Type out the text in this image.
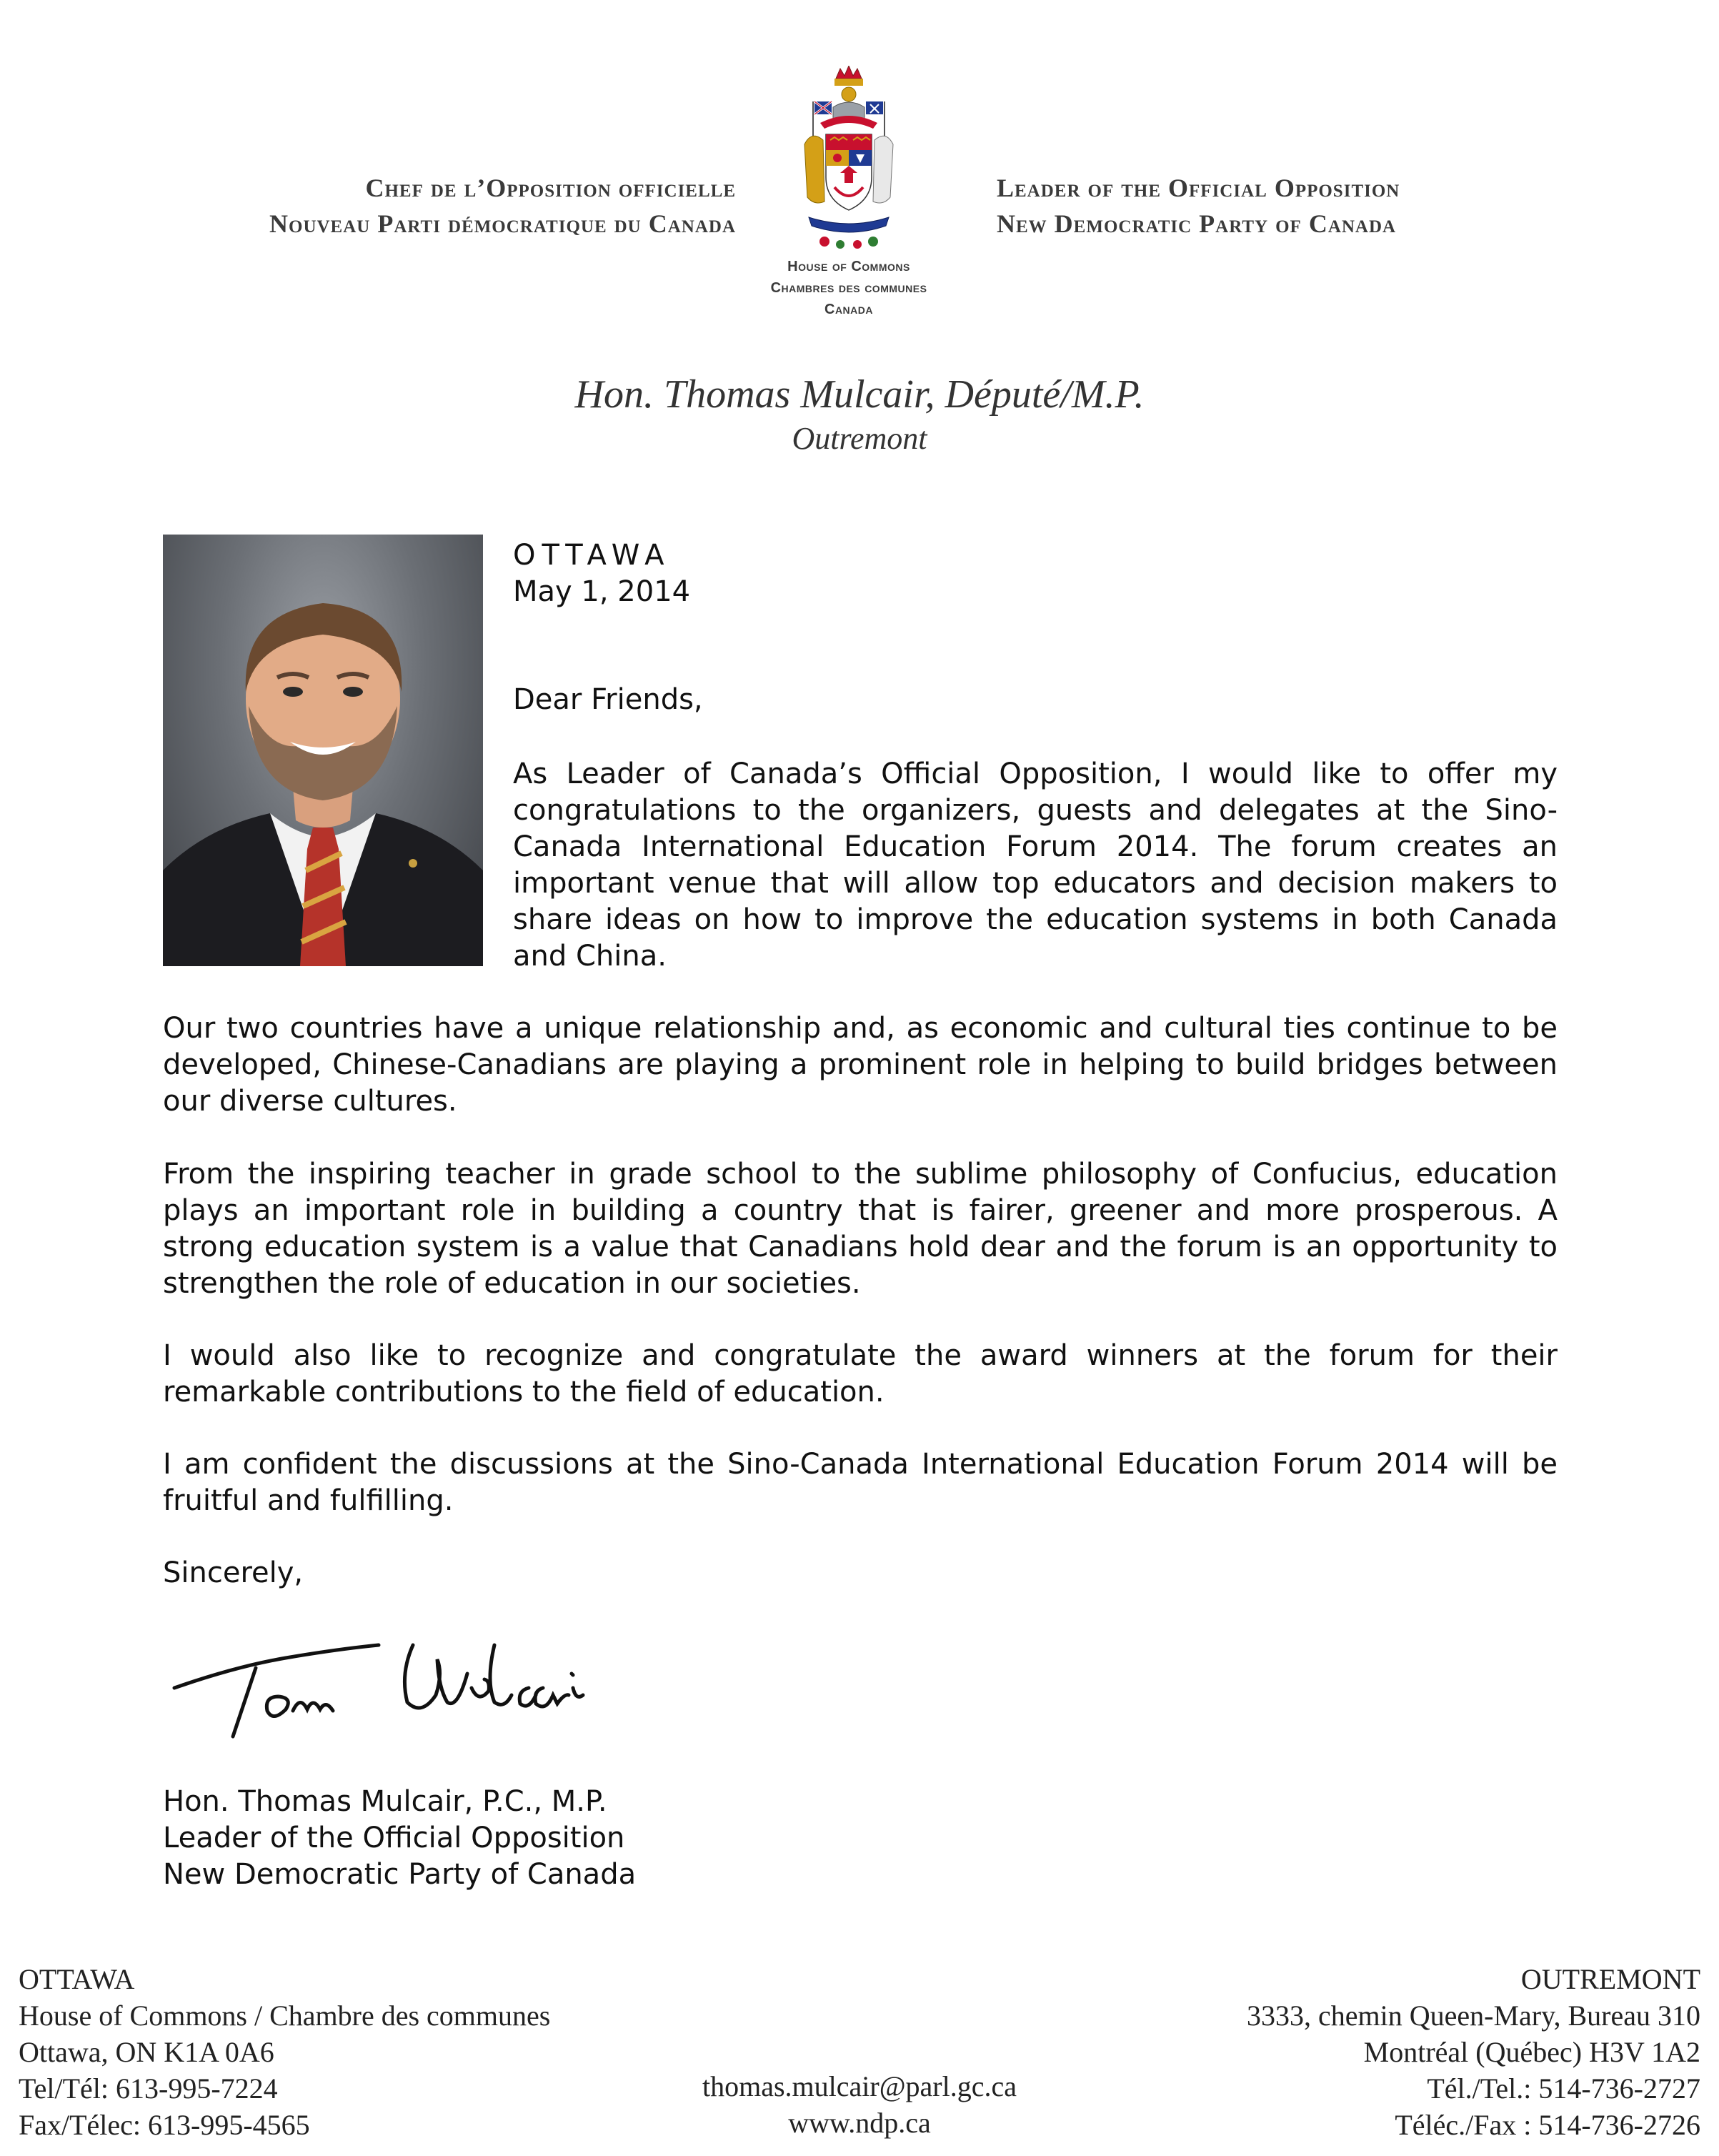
Chef de l’Opposition officielle
Nouveau Parti démocratique du Canada
House of Commons
Chambres des communes
Canada
Leader of the Official Opposition
New Democratic Party of Canada
Hon. Thomas Mulcair, Député/M.P.
Outremont
OTTAWA
May 1, 2014
Dear Friends,
As Leader of Canada’s Official Opposition, I would like to offer my congratulations to the organizers, guests and delegates at the Sino-Canada International Education Forum 2014. The forum creates an important venue that will allow top educators and decision makers to share ideas on how to improve the education systems in both Canada and China.
Our two countries have a unique relationship and, as economic and cultural ties continue to be developed, Chinese-Canadians are playing a prominent role in helping to build bridges between our diverse cultures.
From the inspiring teacher in grade school to the sublime philosophy of Confucius, education plays an important role in building a country that is fairer, greener and more prosperous. A strong education system is a value that Canadians hold dear and the forum is an opportunity to strengthen the role of education in our societies.
I would also like to recognize and congratulate the award winners at the forum for their remarkable contributions to the field of education.
I am confident the discussions at the Sino-Canada International Education Forum 2014 will be fruitful and fulfilling.
Sincerely,
Hon. Thomas Mulcair, P.C., M.P.
Leader of the Official Opposition
New Democratic Party of Canada
OTTAWA
House of Commons / Chambre des communes
Ottawa, ON K1A 0A6
Tel/Tél: 613-995-7224
Fax/Télec: 613-995-4565
thomas.mulcair@parl.gc.ca
www.ndp.ca
OUTREMONT
3333, chemin Queen-Mary, Bureau 310
Montréal (Québec) H3V 1A2
Tél./Tel.: 514-736-2727
Téléc./Fax : 514-736-2726
